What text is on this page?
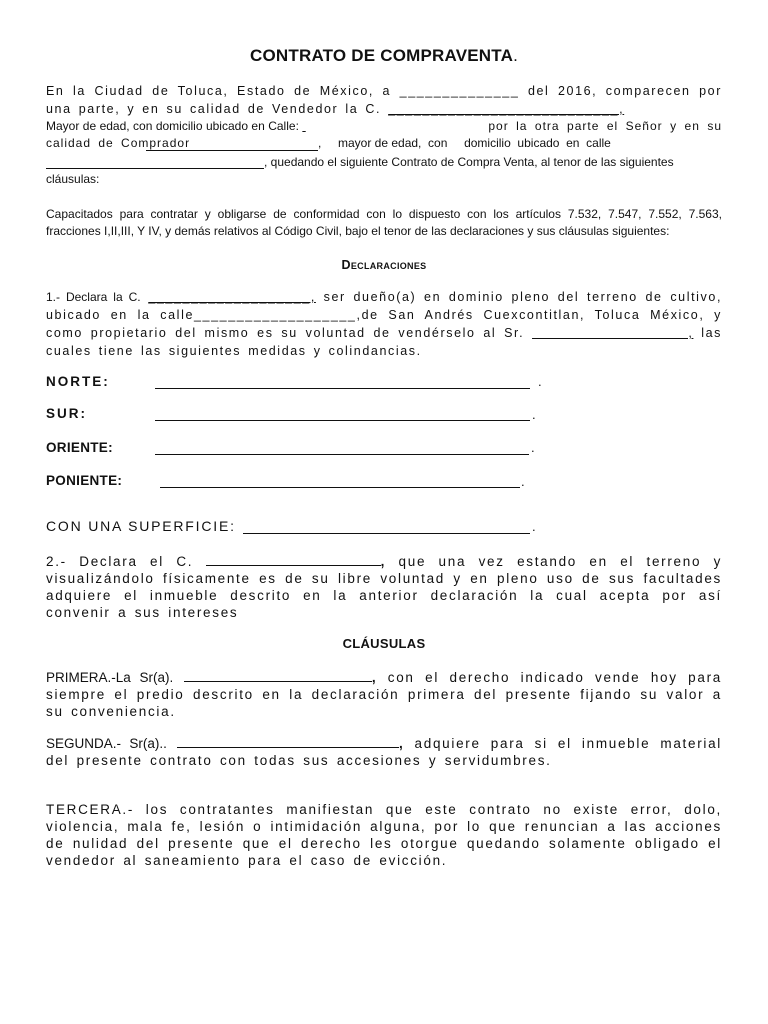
CONTRATO DE COMPRAVENTA.
En la Ciudad de Toluca, Estado de México, a ______________ del 2016, comparecen por una parte, y en su calidad de Vendedor la C. ___________________________,
Mayor de edad, con domicilio ubicado en Calle:	por la otra parte el Señor y en su calidad de Comprador	,     mayor de edad,  con     domicilio  ubicado  en  calle
, quedando el siguiente Contrato de Compra Venta, al tenor de las siguientes cláusulas:
Capacitados para contratar y obligarse de conformidad con lo dispuesto con los artículos 7.532, 7.547, 7.552, 7.563, fracciones I,II,III, Y IV, y demás relativos al Código Civil, bajo el tenor de las declaraciones y sus cláusulas siguientes:
Declaraciones
1.- Declara la C. ___________________, ser dueño(a) en dominio pleno del terreno de cultivo, ubicado en la calle___________________,de San Andrés Cuexcontitlan, Toluca México, y como propietario del mismo es su voluntad de vendérselo al Sr.                     , las cuales tiene las siguientes medidas y colindancias.
NORTE:	.
SUR:	.
ORIENTE:	.
PONIENTE:	.
CON UNA SUPERFICIE:	.
2.- Declara el C.	, que una vez estando en el terreno y visualizándolo físicamente es de su libre voluntad y en pleno uso de sus facultades adquiere el inmueble descrito en la anterior declaración la cual acepta por así convenir a sus intereses
CLÁUSULAS
PRIMERA.-La Sr(a).	, con el derecho indicado vende hoy para siempre el predio descrito en la declaración primera del presente fijando su valor a su conveniencia.
SEGUNDA.- Sr(a)..	, adquiere para si el inmueble material del presente contrato con todas sus accesiones y servidumbres.
TERCERA.- los contratantes manifiestan que este contrato no existe error, dolo, violencia, mala fe, lesión o intimidación alguna, por lo que renuncian a las acciones de nulidad del presente que el derecho les otorgue quedando solamente obligado el vendedor al saneamiento para el caso de evicción.
